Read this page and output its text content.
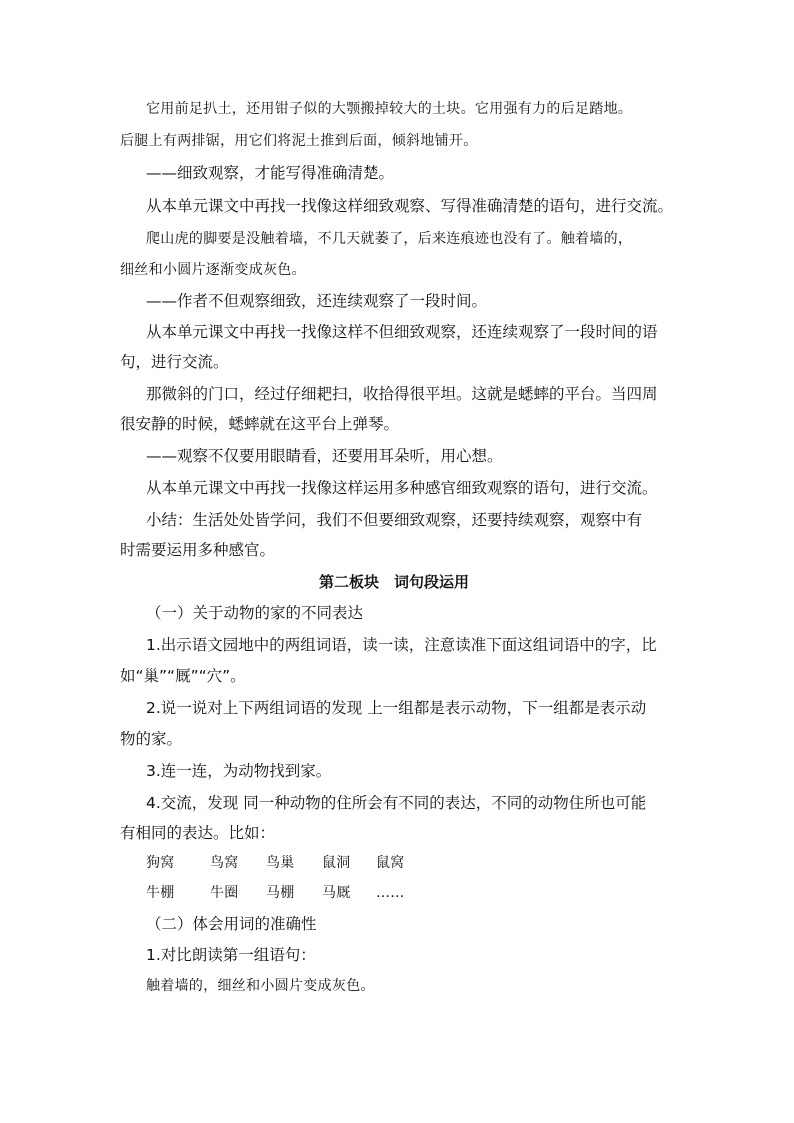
它用前足扒土，还用钳子似的大颚搬掉较大的土块。它用强有力的后足踏地。
后腿上有两排锯，用它们将泥土推到后面，倾斜地铺开。
——细致观察，才能写得准确清楚。
从本单元课文中再找一找像这样细致观察、写得准确清楚的语句，进行交流。
爬山虎的脚要是没触着墙，不几天就萎了，后来连痕迹也没有了。触着墙的，
细丝和小圆片逐渐变成灰色。
——作者不但观察细致，还连续观察了一段时间。
从本单元课文中再找一找像这样不但细致观察，还连续观察了一段时间的语
句，进行交流。
那微斜的门口，经过仔细耙扫，收拾得很平坦。这就是蟋蟀的平台。当四周
很安静的时候，蟋蟀就在这平台上弹琴。
——观察不仅要用眼睛看，还要用耳朵听，用心想。
从本单元课文中再找一找像这样运用多种感官细致观察的语句，进行交流。
小结：生活处处皆学问，我们不但要细致观察，还要持续观察，观察中有
时需要运用多种感官。
第二板块　词句段运用
（一）关于动物的家的不同表达
1.出示语文园地中的两组词语，读一读，注意读准下面这组词语中的字，比
如“巢”“厩”“穴”。
2.说一说对上下两组词语的发现 上一组都是表示动物，下一组都是表示动
物的家。
3.连一连，为动物找到家。
4.交流，发现 同一种动物的住所会有不同的表达，不同的动物住所也可能
有相同的表达。比如：
狗窝	鸟窝 鸟巢 鼠洞 鼠窝
牛棚	牛圈 马棚 马厩 ……
（二）体会用词的准确性
1.对比朗读第一组语句：
触着墙的，细丝和小圆片变成灰色。
